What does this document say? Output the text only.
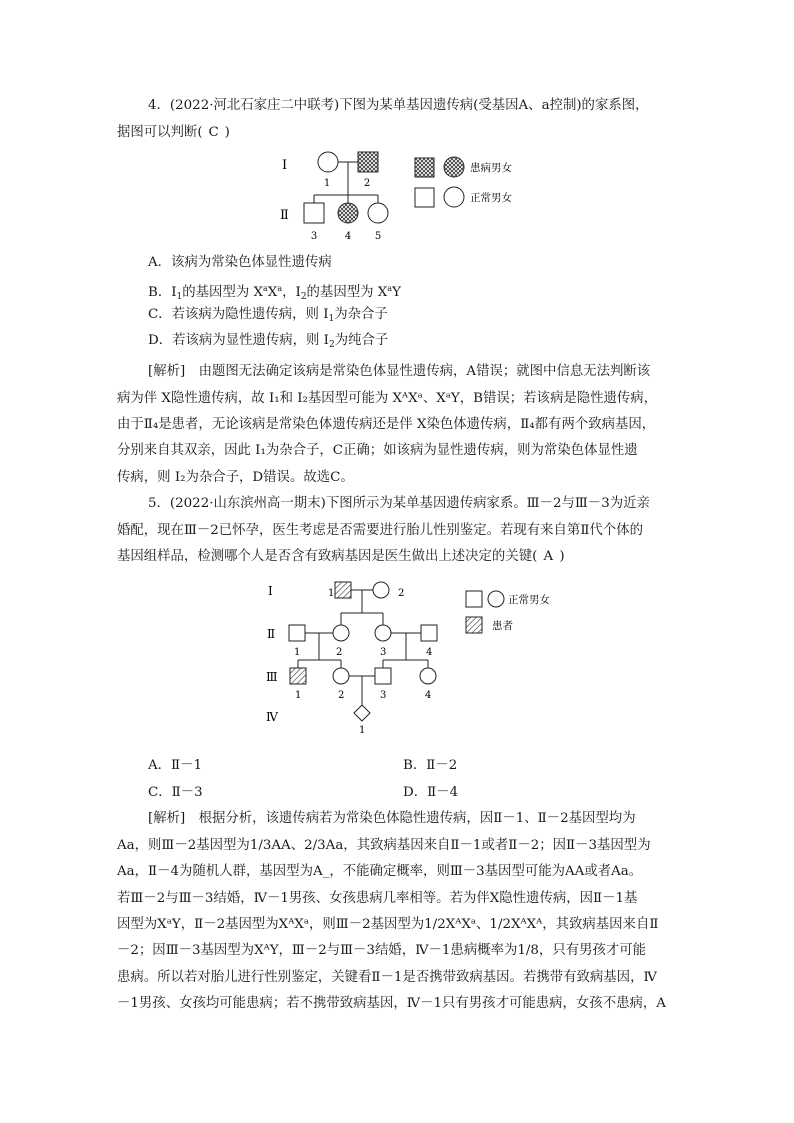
4．(2022·河北石家庄二中联考)下图为某单基因遗传病(受基因A、a控制)的家系图，
据图可以判断( C )
Ⅰ
Ⅱ
1	2
3	4 5
患病男女
正常男女
A．该病为常染色体显性遗传病
B．$I_1$的基因型为 $X^aX^a$，$I_2$的基因型为 $X^aY$
C．若该病为隐性遗传病，则 $I_1$为杂合子
D．若该病为显性遗传病，则 $I_2$为纯合子
[解析]　由题图无法确定该病是常染色体显性遗传病，A错误；就图中信息无法判断该
病为伴 X隐性遗传病，故 I₁和 I₂基因型可能为 XᴬXᵃ、XᵃY，B错误；若该病是隐性遗传病，
由于Ⅱ₄是患者，无论该病是常染色体遗传病还是伴 X染色体遗传病，Ⅱ₄都有两个致病基因，
分别来自其双亲，因此 I₁为杂合子，C正确；如该病为显性遗传病，则为常染色体显性遗
传病，则 I₂为杂合子，D错误。故选C。
5．(2022·山东滨州高一期末)下图所示为某单基因遗传病家系。Ⅲ－2与Ⅲ－3为近亲
婚配，现在Ⅲ－2已怀孕，医生考虑是否需要进行胎儿性别鉴定。若现有来自第Ⅱ代个体的
基因组样品，检测哪个人是否含有致病基因是医生做出上述决定的关键( A )
Ⅰ
Ⅱ
Ⅲ
Ⅳ
1	2
1	2	3	4
1	2	3	4
1
正常男女
患者
A．Ⅱ－1	B．Ⅱ－2
C．Ⅱ－3	D．Ⅱ－4
[解析]　根据分析，该遗传病若为常染色体隐性遗传病，因Ⅱ－1、Ⅱ－2基因型均为
Aa，则Ⅲ－2基因型为1/3AA、2/3Aa，其致病基因来自Ⅱ－1或者Ⅱ－2；因Ⅱ－3基因型为
Aa，Ⅱ－4为随机人群，基因型为A_，不能确定概率，则Ⅲ－3基因型可能为AA或者Aa。
若Ⅲ－2与Ⅲ－3结婚，Ⅳ－1男孩、女孩患病几率相等。若为伴X隐性遗传病，因Ⅱ－1基
因型为XᵃY，Ⅱ－2基因型为XᴬXᵃ，则Ⅲ－2基因型为1/2XᴬXᵃ、1/2XᴬXᴬ，其致病基因来自Ⅱ
－2；因Ⅲ－3基因型为XᴬY，Ⅲ－2与Ⅲ－3结婚，Ⅳ－1患病概率为1/8，只有男孩才可能
患病。所以若对胎儿进行性别鉴定，关键看Ⅱ－1是否携带致病基因。若携带有致病基因，Ⅳ
－1男孩、女孩均可能患病；若不携带致病基因，Ⅳ－1只有男孩才可能患病，女孩不患病，A
